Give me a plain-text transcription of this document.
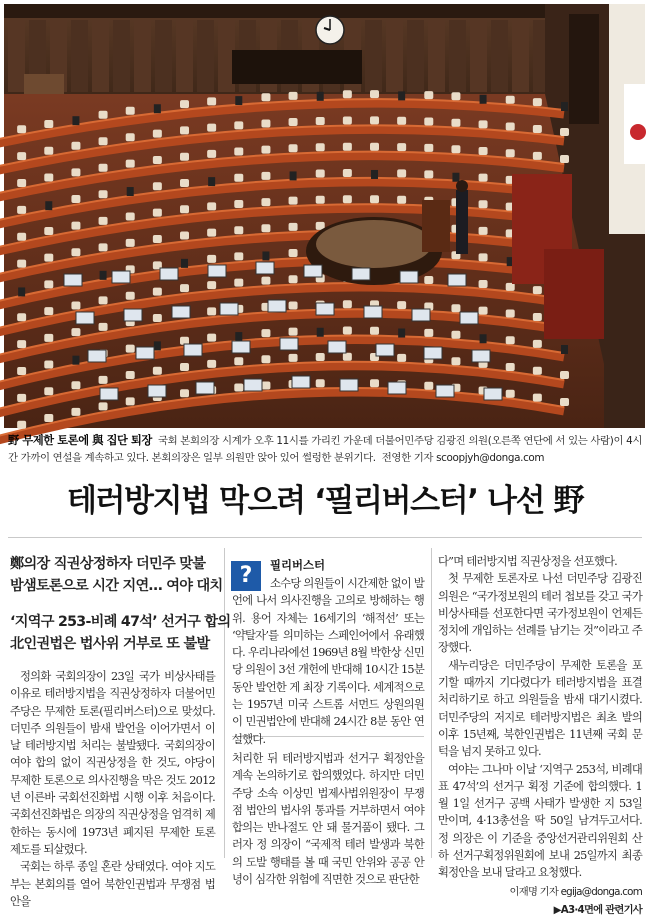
野 무제한 토론에 與 집단 퇴장 국회 본회의장 시계가 오후 11시를 가리킨 가운데 더불어민주당 김광진 의원(오른쪽 연단에 서 있는 사람)이 4시간 가까이 연설을 계속하고 있다. 본회의장은 일부 의원만 앉아 있어 썰렁한 분위기다. 전영한 기자 scoopjyh@donga.com
테러방지법 막으려 ‘필리버스터’ 나선 野
鄭의장 직권상정하자 더민주 맞불
밤샘토론으로 시간 지연… 여야 대치
‘지역구 253-비례 47석’ 선거구 합의
北인권법은 법사위 거부로 또 불발

정의화 국회의장이 23일 국가 비상사태를 이유로 테러방지법을 직권상정하자 더불어민주당은 무제한 토론(필리버스터)으로 맞섰다. 더민주 의원들이 밤새 발언을 이어가면서 이날 테러방지법 처리는 불발됐다. 국회의장이 여야 합의 없이 직권상정을 한 것도, 야당이 무제한 토론으로 의사진행을 막은 것도 2012년 이른바 국회선진화법 시행 이후 처음이다. 국회선진화법은 의장의 직권상정을 엄격히 제한하는 동시에 1973년 폐지된 무제한 토론 제도를 되살렸다.

국회는 하루 종일 혼란 상태였다. 여야 지도부는 본회의를 열어 북한인권법과 무쟁점 법안을

?	필리버스터

소수당 의원들이 시간제한 없이 발언에 나서 의사진행을 고의로 방해하는 행위. 용어 자체는 16세기의 ‘해적선’ 또는 ‘약탈자’를 의미하는 스페인어에서 유래했다. 우리나라에선 1969년 8월 박한상 신민당 의원이 3선 개헌에 반대해 10시간 15분 동안 발언한 게 최장 기록이다. 세계적으로는 1957년 미국 스트롬 서먼드 상원의원이 민권법안에 반대해 24시간 8분 동안 연설했다.

처리한 뒤 테러방지법과 선거구 획정안을 계속 논의하기로 합의했었다. 하지만 더민주당 소속 이상민 법제사법위원장이 무쟁점 법안의 법사위 통과를 거부하면서 여야 합의는 반나절도 안 돼 물거품이 됐다. 그러자 정 의장이 “국제적 테러 발생과 북한의 도발 행태를 볼 때 국민 안위와 공공 안녕이 심각한 위험에 직면한 것으로 판단한

다”며 테러방지법 직권상정을 선포했다.

첫 무제한 토론자로 나선 더민주당 김광진 의원은 “국가정보원의 테러 첩보를 갖고 국가 비상사태를 선포한다면 국가정보원이 언제든 정치에 개입하는 선례를 남기는 것”이라고 주장했다.

새누리당은 더민주당이 무제한 토론을 포기할 때까지 기다렸다가 테러방지법을 표결 처리하기로 하고 의원들을 밤새 대기시켰다. 더민주당의 저지로 테러방지법은 최초 발의 이후 15년째, 북한인권법은 11년째 국회 문턱을 넘지 못하고 있다.

여야는 그나마 이날 ‘지역구 253석, 비례대표 47석’의 선거구 획정 기준에 합의했다. 1월 1일 선거구 공백 사태가 발생한 지 53일 만이며, 4·13총선을 딱 50일 남겨두고서다. 정 의장은 이 기준을 중앙선거관리위원회 산하 선거구획정위원회에 보내 25일까지 최종 획정안을 보내 달라고 요청했다.

이재명 기자 egija@donga.com

▶A3·4면에 관련기사
